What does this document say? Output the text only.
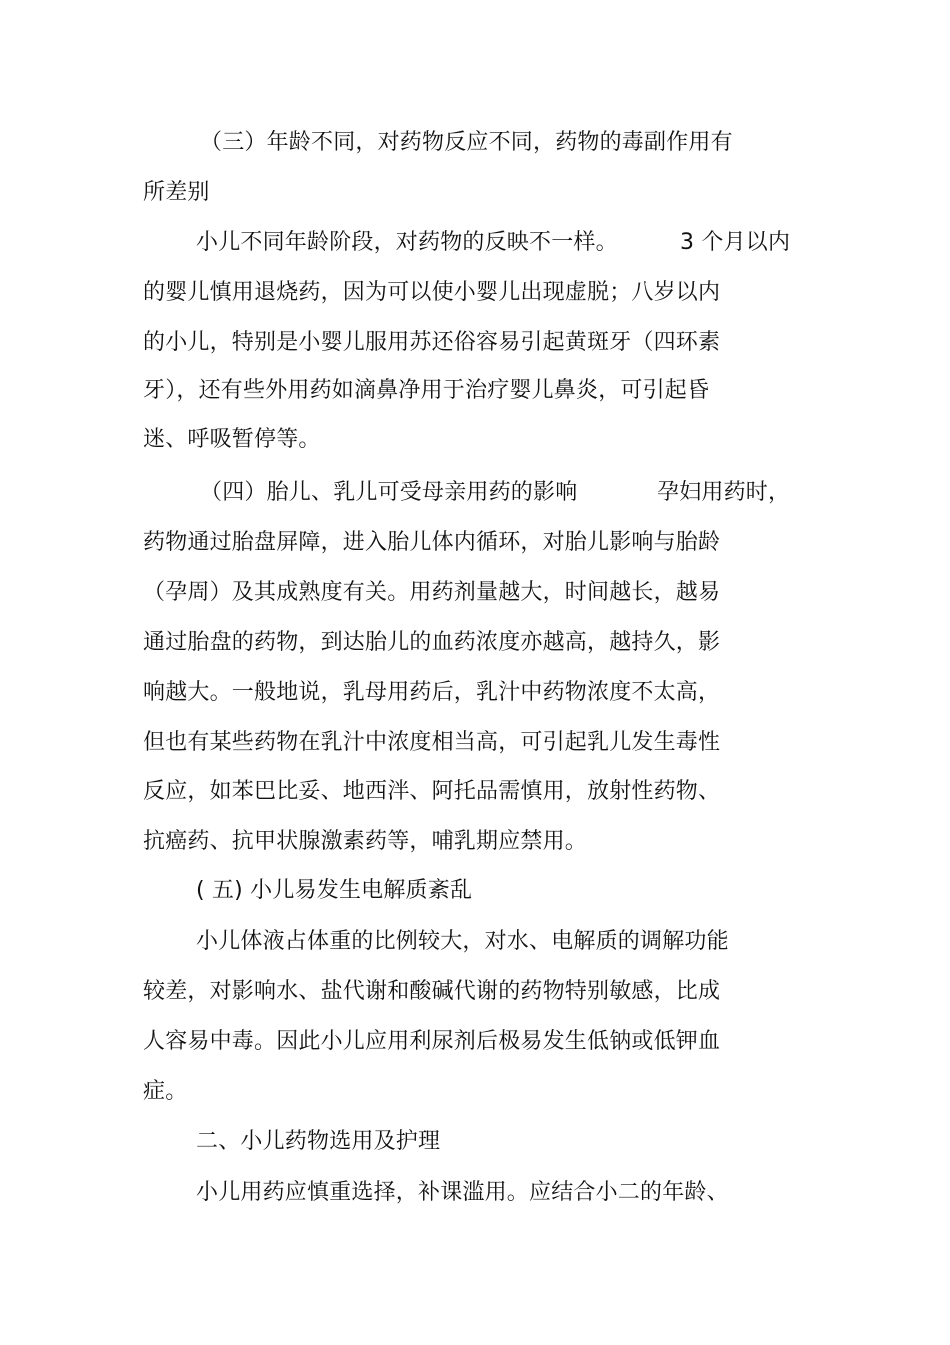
（三）年龄不同，对药物反应不同，药物的毒副作用有
所差别
小儿不同年龄阶段，对药物的反映不一样。	3 个月以内
的婴儿慎用退烧药，因为可以使小婴儿出现虚脱；八岁以内
的小儿，特别是小婴儿服用苏还俗容易引起黄斑牙（四环素
牙），还有些外用药如滴鼻净用于治疗婴儿鼻炎，可引起昏
迷、呼吸暂停等。
（四）胎儿、乳儿可受母亲用药的影响	孕妇用药时，
药物通过胎盘屏障，进入胎儿体内循环，对胎儿影响与胎龄
（孕周）及其成熟度有关。用药剂量越大，时间越长，越易
通过胎盘的药物，到达胎儿的血药浓度亦越高，越持久，影
响越大。一般地说，乳母用药后，乳汁中药物浓度不太高，
但也有某些药物在乳汁中浓度相当高，可引起乳儿发生毒性
反应，如苯巴比妥、地西泮、阿托品需慎用，放射性药物、
抗癌药、抗甲状腺激素药等，哺乳期应禁用。
( 五) 小儿易发生电解质紊乱
小儿体液占体重的比例较大，对水、电解质的调解功能
较差，对影响水、盐代谢和酸碱代谢的药物特别敏感，比成
人容易中毒。因此小儿应用利尿剂后极易发生低钠或低钾血
症。
二、小儿药物选用及护理
小儿用药应慎重选择，补课滥用。应结合小二的年龄、
